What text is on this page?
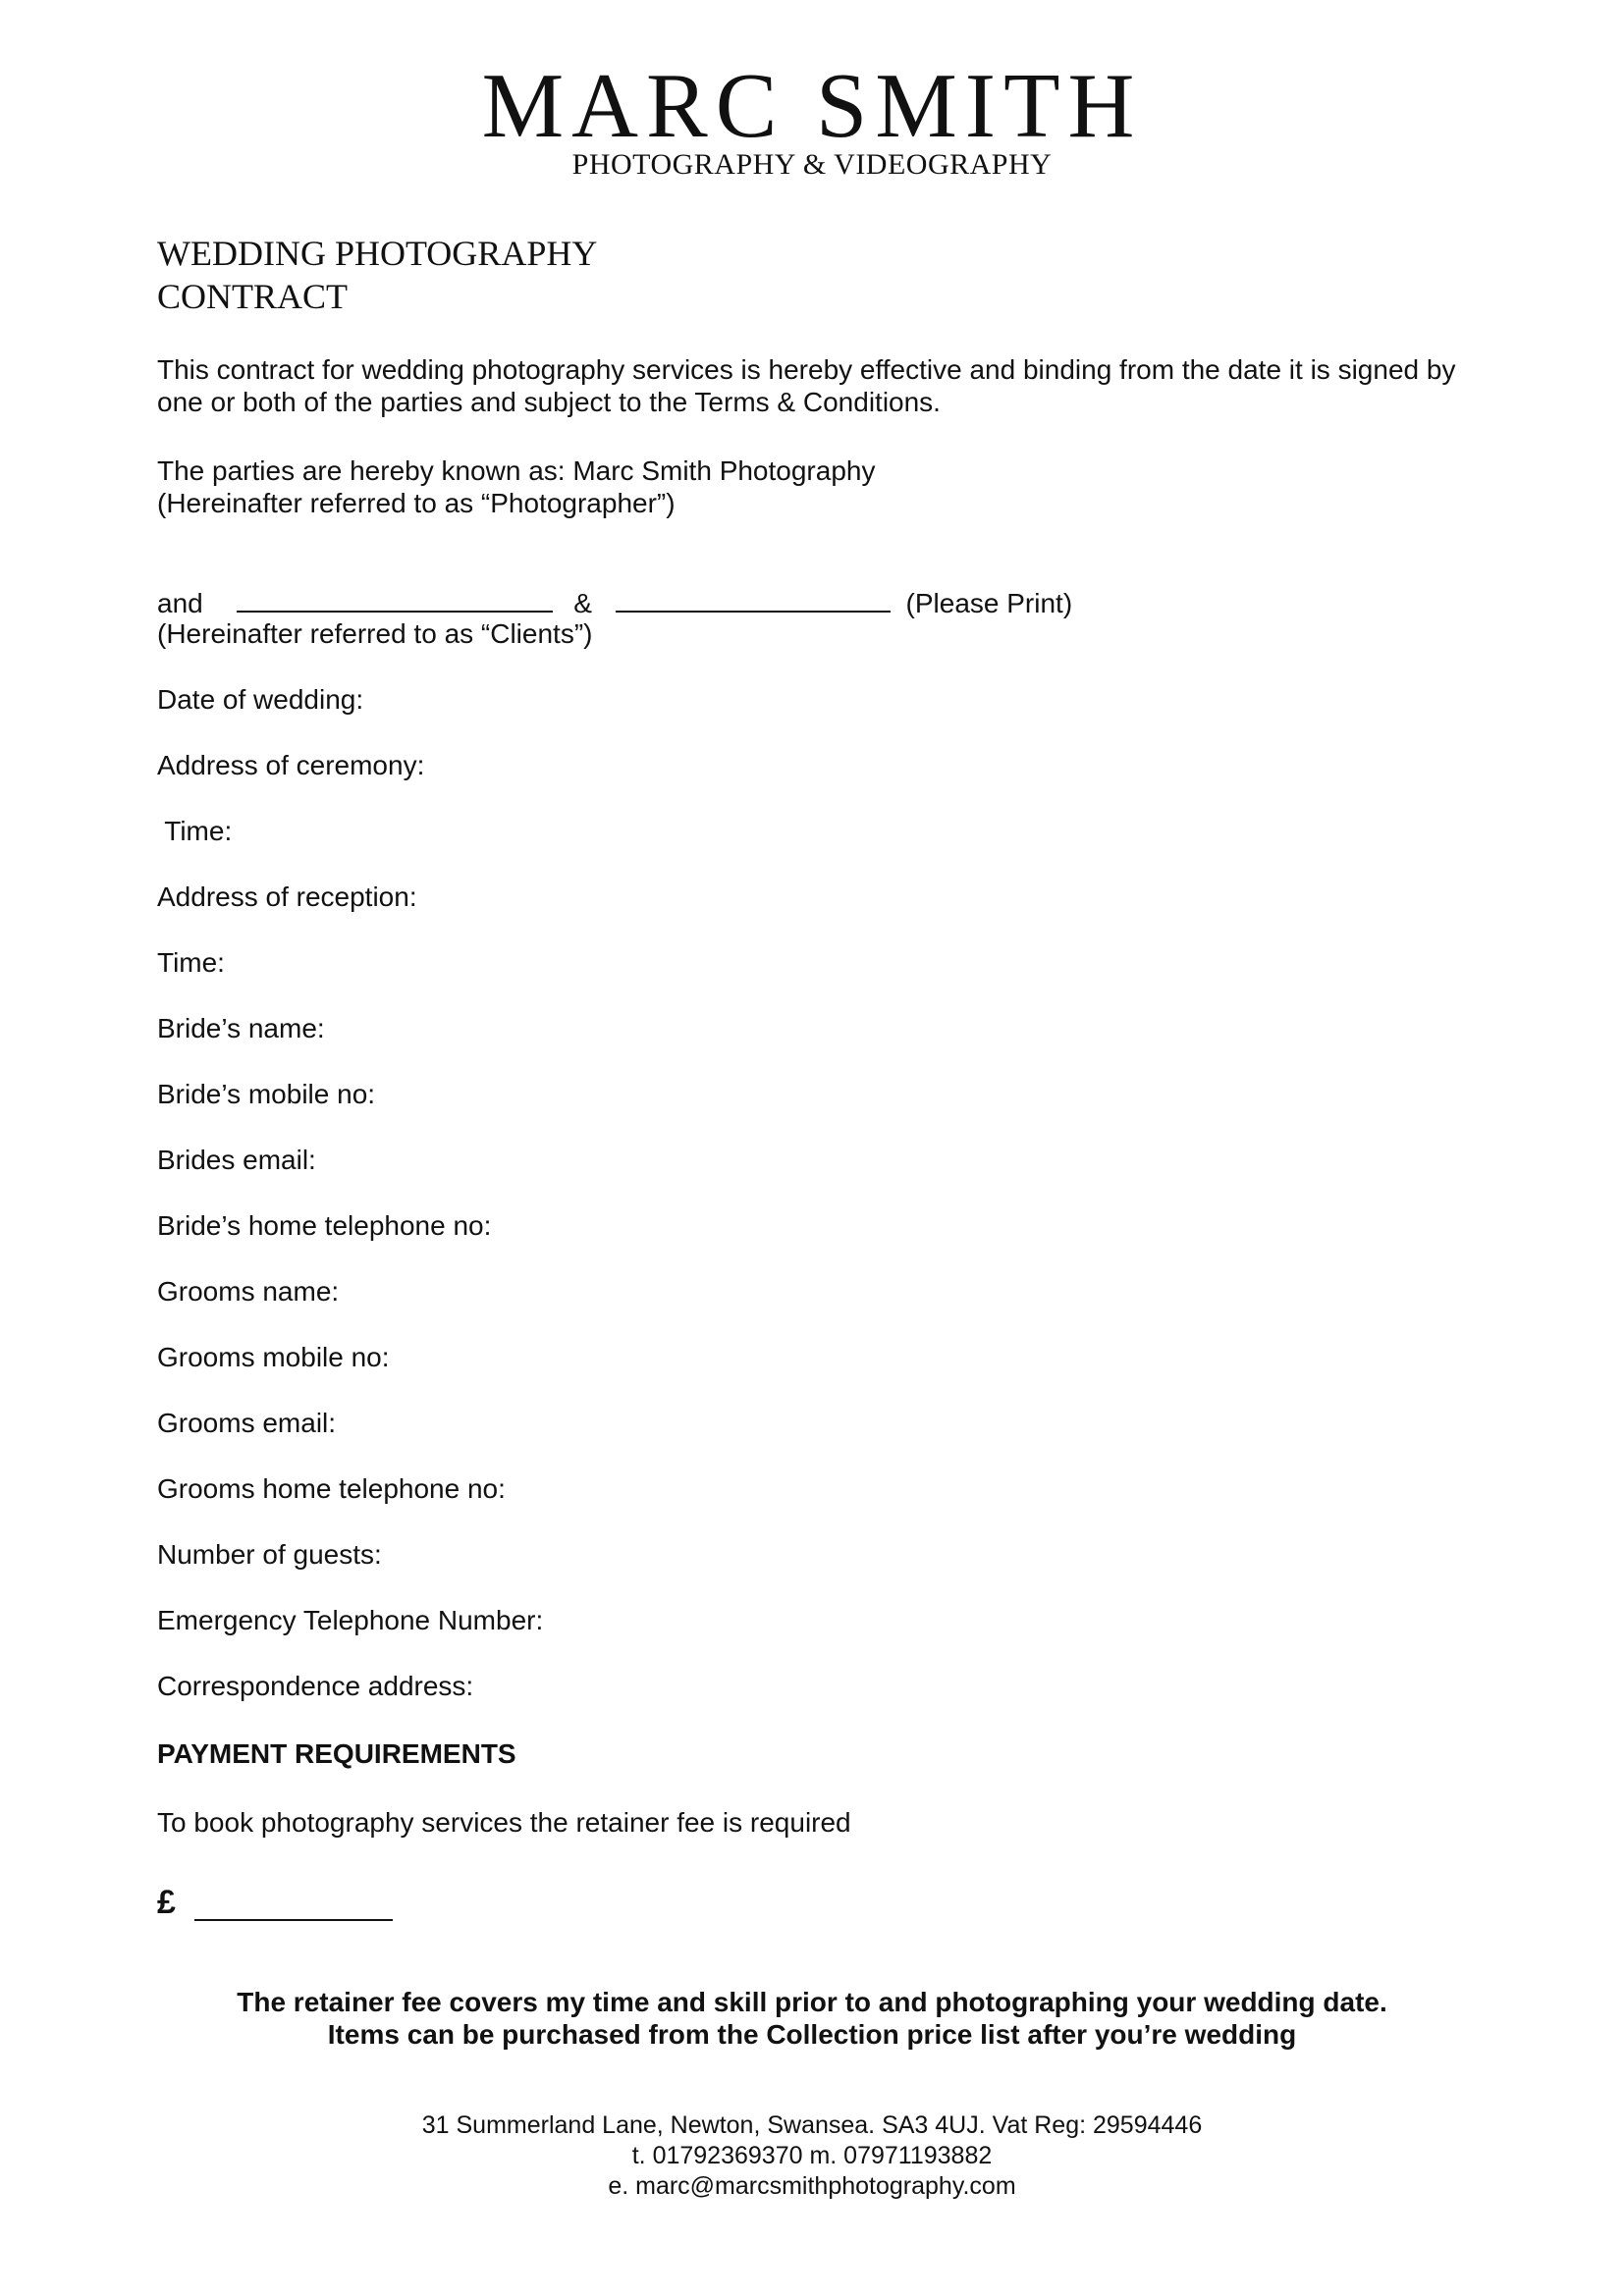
MARC SMITH
PHOTOGRAPHY & VIDEOGRAPHY
WEDDING PHOTOGRAPHY
CONTRACT
This contract for wedding photography services is hereby effective and binding from the date it is signed by
one or both of the parties and subject to the Terms & Conditions.
The parties are hereby known as: Marc Smith Photography
(Hereinafter referred to as “Photographer”)
and	&	(Please Print)
(Hereinafter referred to as “Clients”)
Date of wedding:
Address of ceremony:
Time:
Address of reception:
Time:
Bride’s name:
Bride’s mobile no:
Brides email:
Bride’s home telephone no:
Grooms name:
Grooms mobile no:
Grooms email:
Grooms home telephone no:
Number of guests:
Emergency Telephone Number:
Correspondence address:
PAYMENT REQUIREMENTS
To book photography services the retainer fee is required
£
The retainer fee covers my time and skill prior to and photographing your wedding date.
Items can be purchased from the Collection price list after you’re wedding
31 Summerland Lane, Newton, Swansea. SA3 4UJ. Vat Reg: 29594446
t. 01792369370 m. 07971193882
e. marc@marcsmithphotography.com
